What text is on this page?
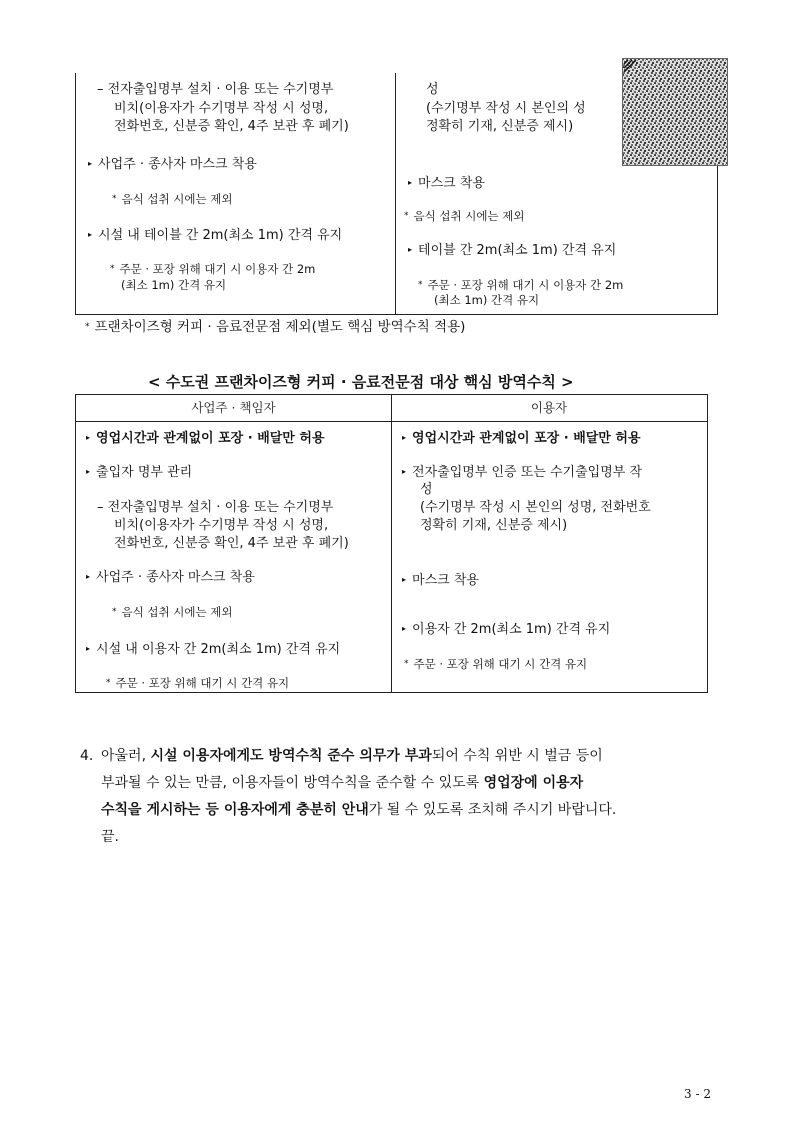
– 전자출입명부 설치 · 이용 또는 수기명부
비치(이용자가 수기명부 작성 시 성명,
전화번호, 신분증 확인, 4주 보관 후 폐기)
▸ 사업주 · 종사자 마스크 착용
* 음식 섭취 시에는 제외
▸ 시설 내 테이블 간 2m(최소 1m) 간격 유지
* 주문 · 포장 위해 대기 시 이용자 간 2m
(최소 1m) 간격 유지
성
(수기명부 작성 시 본인의 성
정확히 기재, 신분증 제시)
▸ 마스크 착용
* 음식 섭취 시에는 제외
▸ 테이블 간 2m(최소 1m) 간격 유지
* 주문 · 포장 위해 대기 시 이용자 간 2m
(최소 1m) 간격 유지
* 프랜차이즈형 커피 · 음료전문점 제외(별도 핵심 방역수칙 적용)
< 수도권 프랜차이즈형 커피 · 음료전문점 대상 핵심 방역수칙 >
사업주 · 책임자	이용자
▸ 영업시간과 관계없이 포장 · 배달만 허용
▸ 출입자 명부 관리
– 전자출입명부 설치 · 이용 또는 수기명부
비치(이용자가 수기명부 작성 시 성명,
전화번호, 신분증 확인, 4주 보관 후 폐기)
▸ 사업주 · 종사자 마스크 착용
* 음식 섭취 시에는 제외
▸ 시설 내 이용자 간 2m(최소 1m) 간격 유지
* 주문 · 포장 위해 대기 시 간격 유지
▸ 영업시간과 관계없이 포장 · 배달만 허용
▸ 전자출입명부 인증 또는 수기출입명부 작
성
(수기명부 작성 시 본인의 성명, 전화번호
정확히 기재, 신분증 제시)
▸ 마스크 착용
▸ 이용자 간 2m(최소 1m) 간격 유지
* 주문 · 포장 위해 대기 시 간격 유지
4. 아울러, 시설 이용자에게도 방역수칙 준수 의무가 부과되어 수칙 위반 시 벌금 등이
부과될 수 있는 만큼, 이용자들이 방역수칙을 준수할 수 있도록 영업장에 이용자
수칙을 게시하는 등 이용자에게 충분히 안내가 될 수 있도록 조치해 주시기 바랍니다.
끝.
3 - 2
